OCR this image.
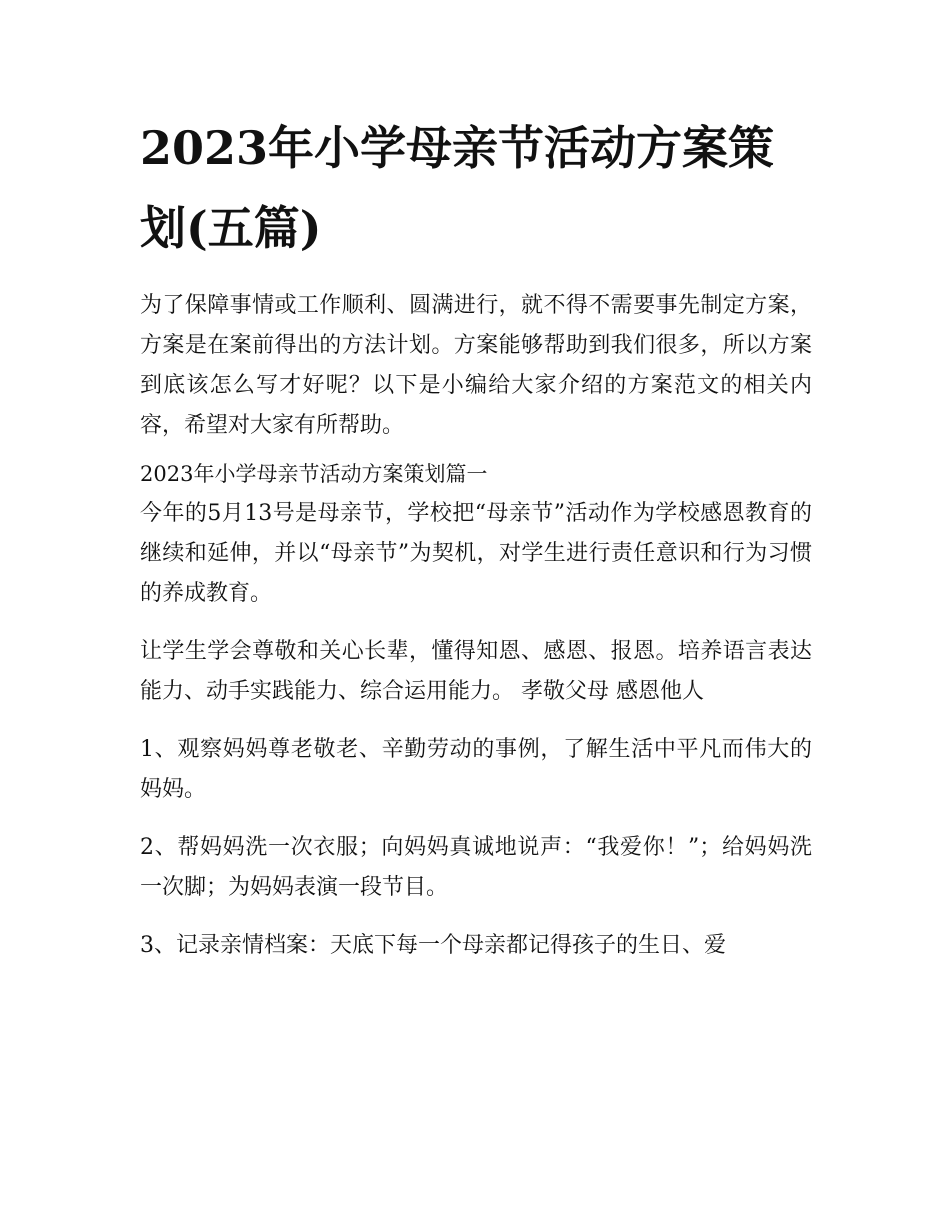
2023年小学母亲节活动方案策划(五篇)

为了保障事情或工作顺利、圆满进行，就不得不需要事先制定方案，方案是在案前得出的方法计划。方案能够帮助到我们很多，所以方案到底该怎么写才好呢？以下是小编给大家介绍的方案范文的相关内容，希望对大家有所帮助。

2023年小学母亲节活动方案策划篇一

今年的5月13号是母亲节，学校把“母亲节”活动作为学校感恩教育的继续和延伸，并以“母亲节”为契机，对学生进行责任意识和行为习惯的养成教育。

让学生学会尊敬和关心长辈，懂得知恩、感恩、报恩。培养语言表达能力、动手实践能力、综合运用能力。 孝敬父母 感恩他人

1、观察妈妈尊老敬老、辛勤劳动的事例，了解生活中平凡而伟大的妈妈。

2、帮妈妈洗一次衣服；向妈妈真诚地说声：“我爱你！”；给妈妈洗一次脚；为妈妈表演一段节目。

3、记录亲情档案：天底下每一个母亲都记得孩子的生日、爱
